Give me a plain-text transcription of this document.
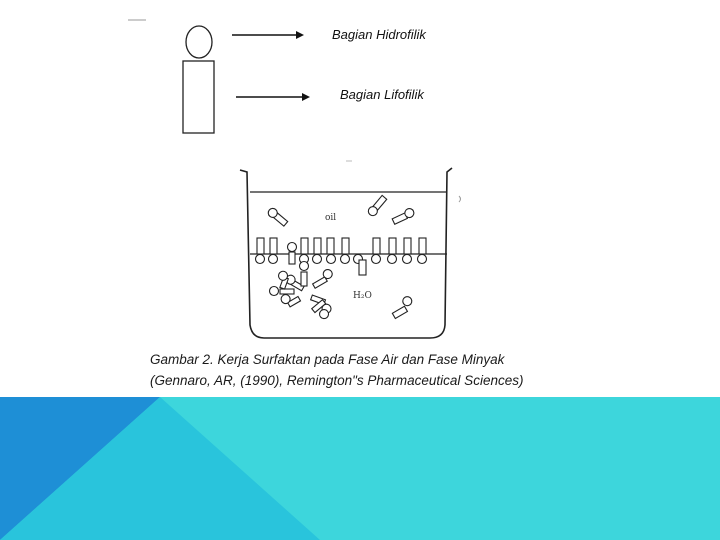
oil
H₂O
Bagian Hidrofilik
Bagian Lifofilik
Gambar 2. Kerja Surfaktan pada Fase Air dan Fase Minyak
(Gennaro, AR, (1990), Remington"s Pharmaceutical Sciences)
